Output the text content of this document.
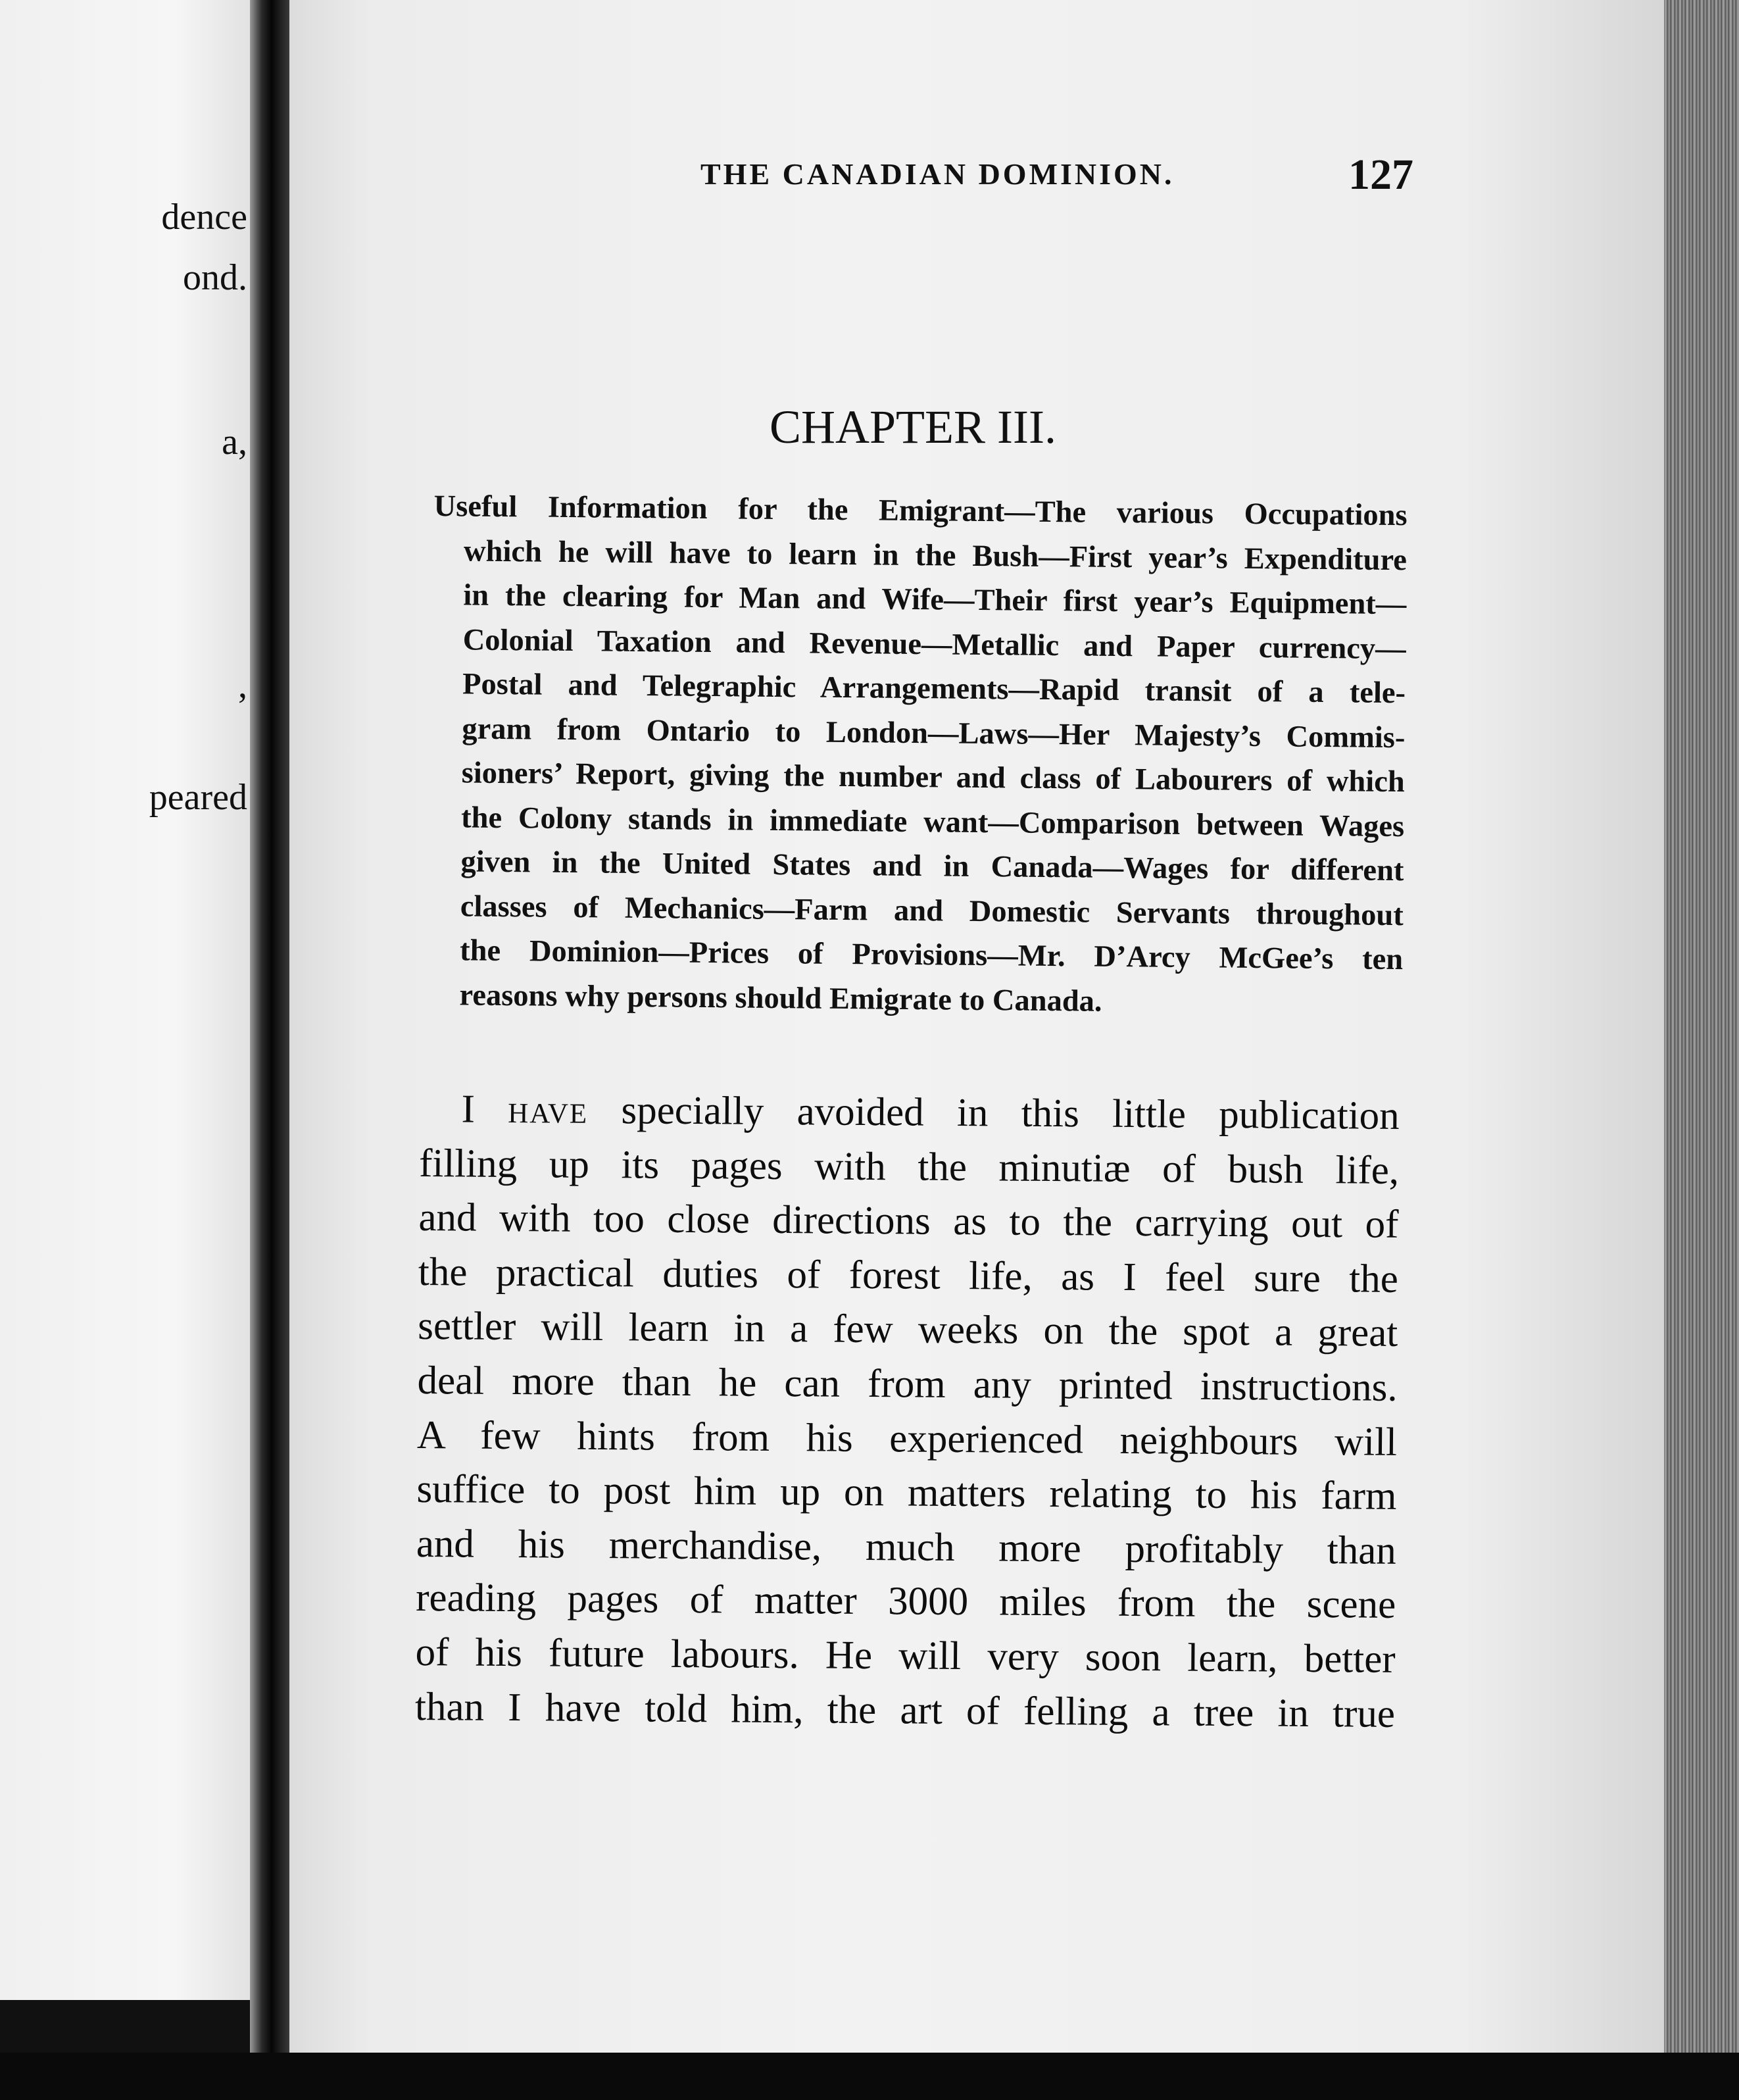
dence
ond.
a,
,
peared

THE CANADIAN DOMINION.	127
CHAPTER III.
Useful Information for the Emigrant—The various Occupations
which he will have to learn in the Bush—First year’s Expenditure
in the clearing for Man and Wife—Their first year’s Equipment—
Colonial Taxation and Revenue—Metallic and Paper currency—
Postal and Telegraphic Arrangements—Rapid transit of a tele-
gram from Ontario to London—Laws—Her Majesty’s Commis-
sioners’ Report, giving the number and class of Labourers of which
the Colony stands in immediate want—Comparison between Wages
given in the United States and in Canada—Wages for different
classes of Mechanics—Farm and Domestic Servants throughout
the Dominion—Prices of Provisions—Mr. D’Arcy McGee’s ten
reasons why persons should Emigrate to Canada.
I have specially avoided in this little publication
filling up its pages with the minutiæ of bush life,
and with too close directions as to the carrying out of
the practical duties of forest life, as I feel sure the
settler will learn in a few weeks on the spot a great
deal more than he can from any printed instructions.
A few hints from his experienced neighbours will
suffice to post him up on matters relating to his farm
and his merchandise, much more profitably than
reading pages of matter 3000 miles from the scene
of his future labours. He will very soon learn, better
than I have told him, the art of felling a tree in true
